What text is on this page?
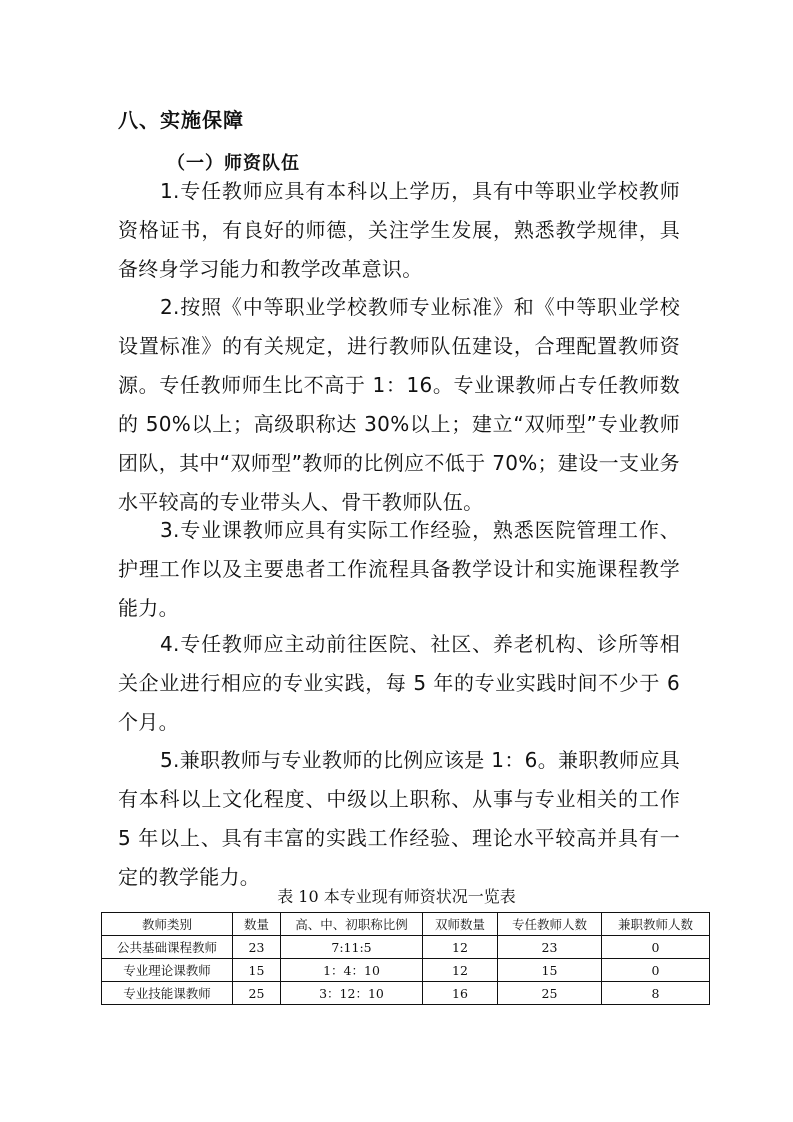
八、实施保障
（一）师资队伍
1.专任教师应具有本科以上学历，具有中等职业学校教师资格证书，有良好的师德，关注学生发展，熟悉教学规律，具备终身学习能力和教学改革意识。
2.按照《中等职业学校教师专业标准》和《中等职业学校设置标准》的有关规定，进行教师队伍建设，合理配置教师资源。专任教师师生比不高于 1：16。专业课教师占专任教师数的 50%以上；高级职称达 30%以上；建立“双师型”专业教师团队，其中“双师型”教师的比例应不低于 70%；建设一支业务水平较高的专业带头人、骨干教师队伍。
3.专业课教师应具有实际工作经验，熟悉医院管理工作、护理工作以及主要患者工作流程具备教学设计和实施课程教学能力。
4.专任教师应主动前往医院、社区、养老机构、诊所等相关企业进行相应的专业实践，每 5 年的专业实践时间不少于 6 个月。
5.兼职教师与专业教师的比例应该是 1：6。兼职教师应具有本科以上文化程度、中级以上职称、从事与专业相关的工作 5 年以上、具有丰富的实践工作经验、理论水平较高并具有一定的教学能力。
表 10 本专业现有师资状况一览表
教师类别	数量	高、中、初职称比例	双师数量	专任教师人数	兼职教师人数
公共基础课程教师	23	7:11:5	12	23	0
专业理论课教师	15	1：4：10	12	15	0
专业技能课教师	25	3：12：10	16	25	8
